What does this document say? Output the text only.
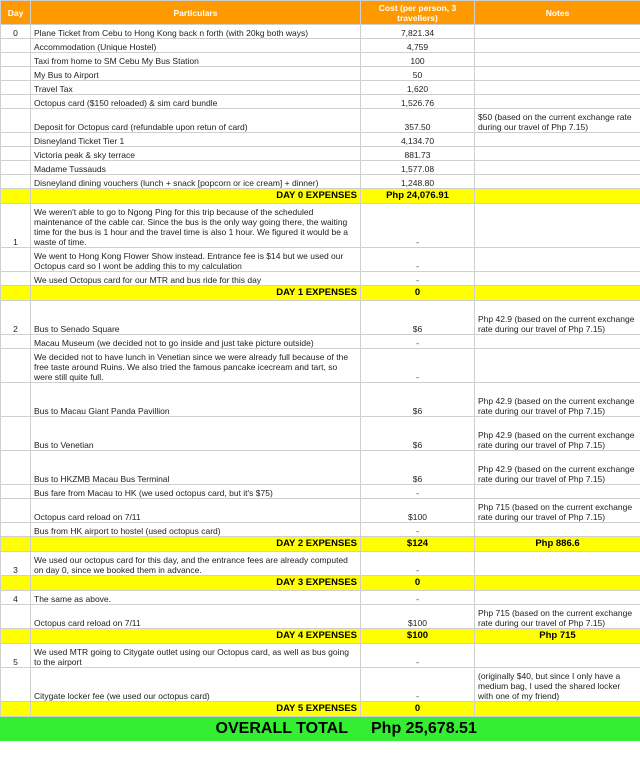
Day	Particulars	Cost (per person, 3 travellers)	Notes
0	Plane Ticket from Cebu to Hong Kong back n forth (with 20kg both ways)	7,821.34	
	Accommodation (Unique Hostel)	4,759	
	Taxi from home to SM Cebu My Bus Station	100	
	My Bus to Airport	50	
	Travel Tax	1,620	
	Octopus card ($150 reloaded) & sim card bundle	1,526.76	
	Deposit for Octopus card (refundable upon retun of card)	357.50	$50 (based on the current exchange rate during our travel of Php 7.15)
	Disneyland Ticket Tier 1	4,134.70	
	Victoria peak & sky terrace	881.73	
	Madame Tussauds	1,577.08	
	Disneyland dining vouchers (lunch + snack [popcorn or ice cream] + dinner)	1,248.80	
	DAY 0 EXPENSES	Php 24,076.91	
1	We weren't able to go to Ngong Ping for this trip because of the scheduled maintenance of the cable car. Since the bus is the only way going there, the waiting time for the bus is 1 hour and the travel time is also 1 hour. We figured it would be a waste of time.	-	
	We went to Hong Kong Flower Show instead. Entrance fee is $14 but we used our Octopus card so I wont be adding this to my calculation	-	
	We used Octopus card for our MTR and bus ride for this day	-	
	DAY 1 EXPENSES	0	
2	Bus to Senado Square	$6	Php 42.9 (based on the current exchange rate during our travel of Php 7.15)
	Macau Museum (we decided not to go inside and just take picture outside)	-	
	We decided not to have lunch in Venetian since we were already full because of the free taste around Ruins. We also tried the famous pancake icecream and tart, so were still quite full.	-	
	Bus to Macau Giant Panda Pavillion	$6	Php 42.9 (based on the current exchange rate during our travel of Php 7.15)
	Bus to Venetian	$6	Php 42.9 (based on the current exchange rate during our travel of Php 7.15)
	Bus to HKZMB Macau Bus Terminal	$6	Php 42.9 (based on the current exchange rate during our travel of Php 7.15)
	Bus fare from Macau to HK (we used octopus card, but it's $75)	-	
	Octopus card reload on 7/11	$100	Php 715 (based on the current exchange rate during our travel of Php 7.15)
	Bus from HK airport to hostel (used octopus card)	-	
	DAY 2 EXPENSES	$124	Php 886.6
3	We used our octopus card for this day, and the entrance fees are already computed on day 0, since we booked them in advance.	-	
	DAY 3 EXPENSES	0	
4	The same as above.	-	
	Octopus card reload on 7/11	$100	Php 715 (based on the current exchange rate during our travel of Php 7.15)
	DAY 4 EXPENSES	$100	Php 715
5	We used MTR going to Citygate outlet using our Octopus card, as well as bus going to the airport	-	
	Citygate locker fee (we used our octopus card)	-	(originally $40, but since I only have a medium bag, I used the shared locker with one of my friend)
	DAY 5 EXPENSES	0	
	OVERALL TOTAL	Php 25,678.51	
